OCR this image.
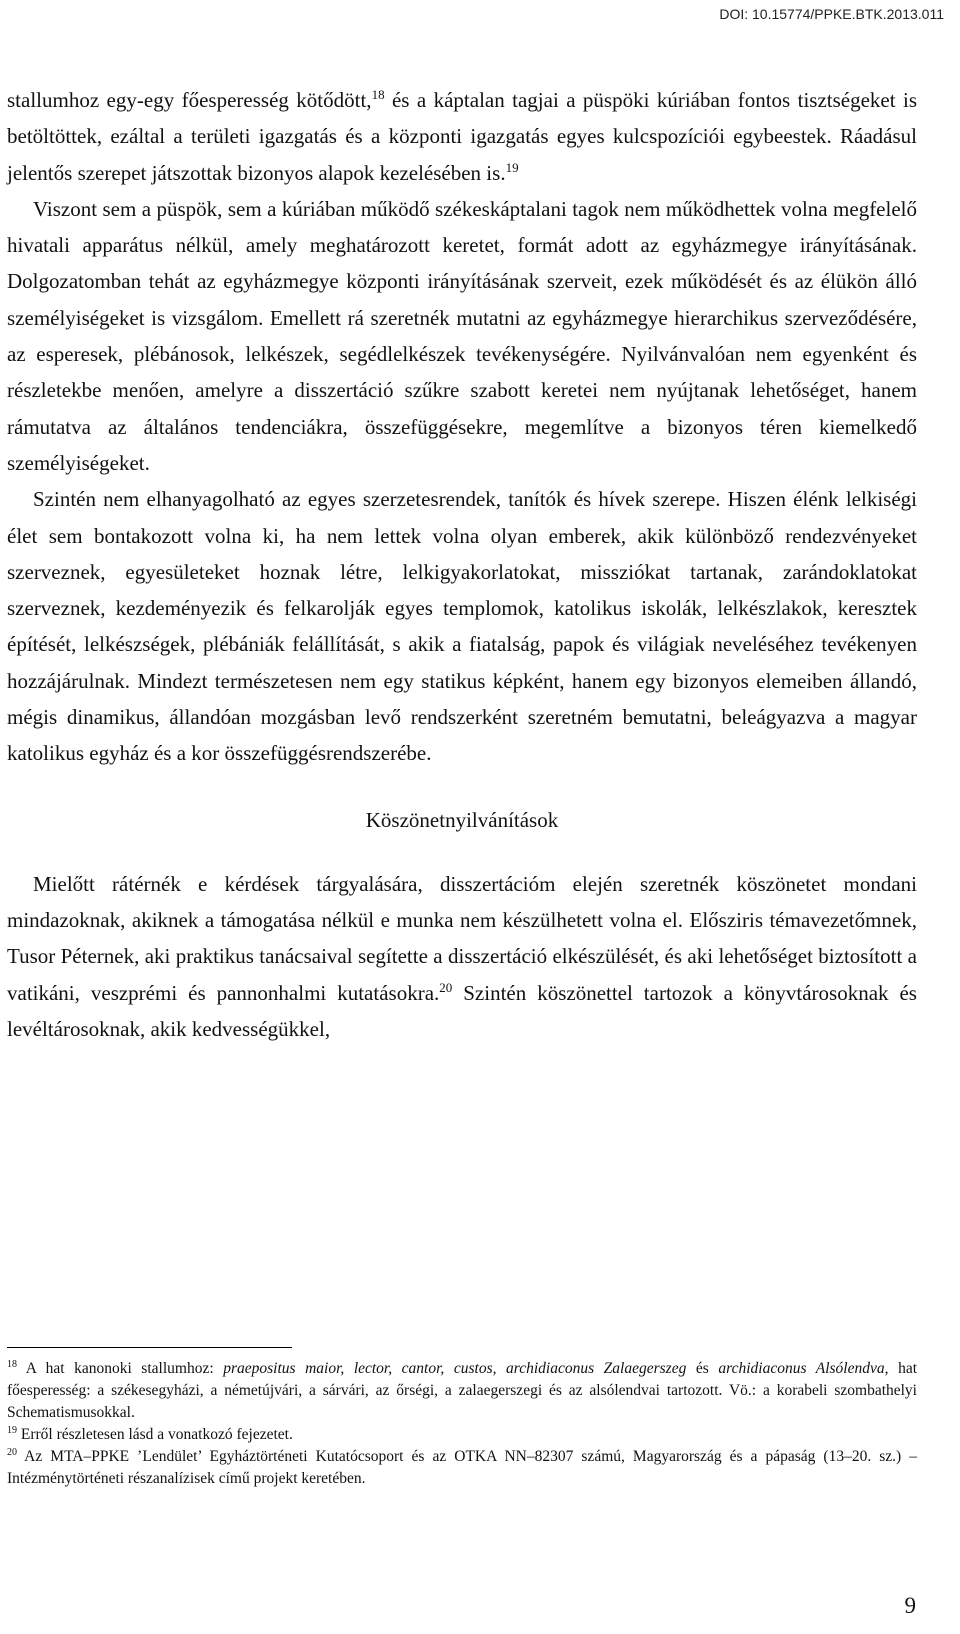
DOI: 10.15774/PPKE.BTK.2013.011

stallumhoz egy-egy főesperesség kötődött,$^{18}$ és a káptalan tagjai a püspöki kúriában fontos tisztségeket is betöltöttek, ezáltal a területi igazgatás és a központi igazgatás egyes kulcspozíciói egybeestek. Ráadásul jelentős szerepet játszottak bizonyos alapok kezelésében is.$^{19}$

Viszont sem a püspök, sem a kúriában működő székeskáptalani tagok nem működhettek volna megfelelő hivatali apparátus nélkül, amely meghatározott keretet, formát adott az egyházmegye irányításának. Dolgozatomban tehát az egyházmegye központi irányításának szerveit, ezek működését és az élükön álló személyiségeket is vizsgálom. Emellett rá szeretnék mutatni az egyházmegye hierarchikus szerveződésére, az esperesek, plébánosok, lelkészek, segédlelkészek tevékenységére. Nyilvánvalóan nem egyenként és részletekbe menően, amelyre a disszertáció szűkre szabott keretei nem nyújtanak lehetőséget, hanem rámutatva az általános tendenciákra, összefüggésekre, megemlítve a bizonyos téren kiemelkedő személyiségeket.

Szintén nem elhanyagolható az egyes szerzetesrendek, tanítók és hívek szerepe. Hiszen élénk lelkiségi élet sem bontakozott volna ki, ha nem lettek volna olyan emberek, akik különböző rendezvényeket szerveznek, egyesületeket hoznak létre, lelkigyakorlatokat, missziókat tartanak, zarándoklatokat szerveznek, kezdeményezik és felkarolják egyes templomok, katolikus iskolák, lelkészlakok, keresztek építését, lelkészségek, plébániák felállítását, s akik a fiatalság, papok és világiak neveléséhez tevékenyen hozzájárulnak. Mindezt természetesen nem egy statikus képként, hanem egy bizonyos elemeiben állandó, mégis dinamikus, állandóan mozgásban levő rendszerként szeretném bemutatni, beleágyazva a magyar katolikus egyház és a kor összefüggésrendszerébe.

Köszönetnyilvánítások

Mielőtt rátérnék e kérdések tárgyalására, disszertációm elején szeretnék köszönetet mondani mindazoknak, akiknek a támogatása nélkül e munka nem készülhetett volna el. Elősziris témavezetőmnek, Tusor Péternek, aki praktikus tanácsaival segítette a disszertáció elkészülését, és aki lehetőséget biztosított a vatikáni, veszprémi és pannonhalmi kutatásokra.$^{20}$ Szintén köszönettel tartozok a könyvtárosoknak és levéltárosoknak, akik kedvességükkel,

$^{18}$ A hat kanonoki stallumhoz: praepositus maior, lector, cantor, custos, archidiaconus Zalaegerszeg és archidiaconus Alsólendva, hat főesperesség: a székesegyházi, a németújvári, a sárvári, az őrségi, a zalaegerszegi és az alsólendvai tartozott. Vö.: a korabeli szombathelyi Schematismusokkal.

$^{19}$ Erről részletesen lásd a vonatkozó fejezetet.

$^{20}$ Az MTA–PPKE ’Lendület’ Egyháztörténeti Kutatócsoport és az OTKA NN–82307 számú, Magyarország és a pápaság (13–20. sz.) – Intézménytörténeti részanalízisek című projekt keretében.

9
